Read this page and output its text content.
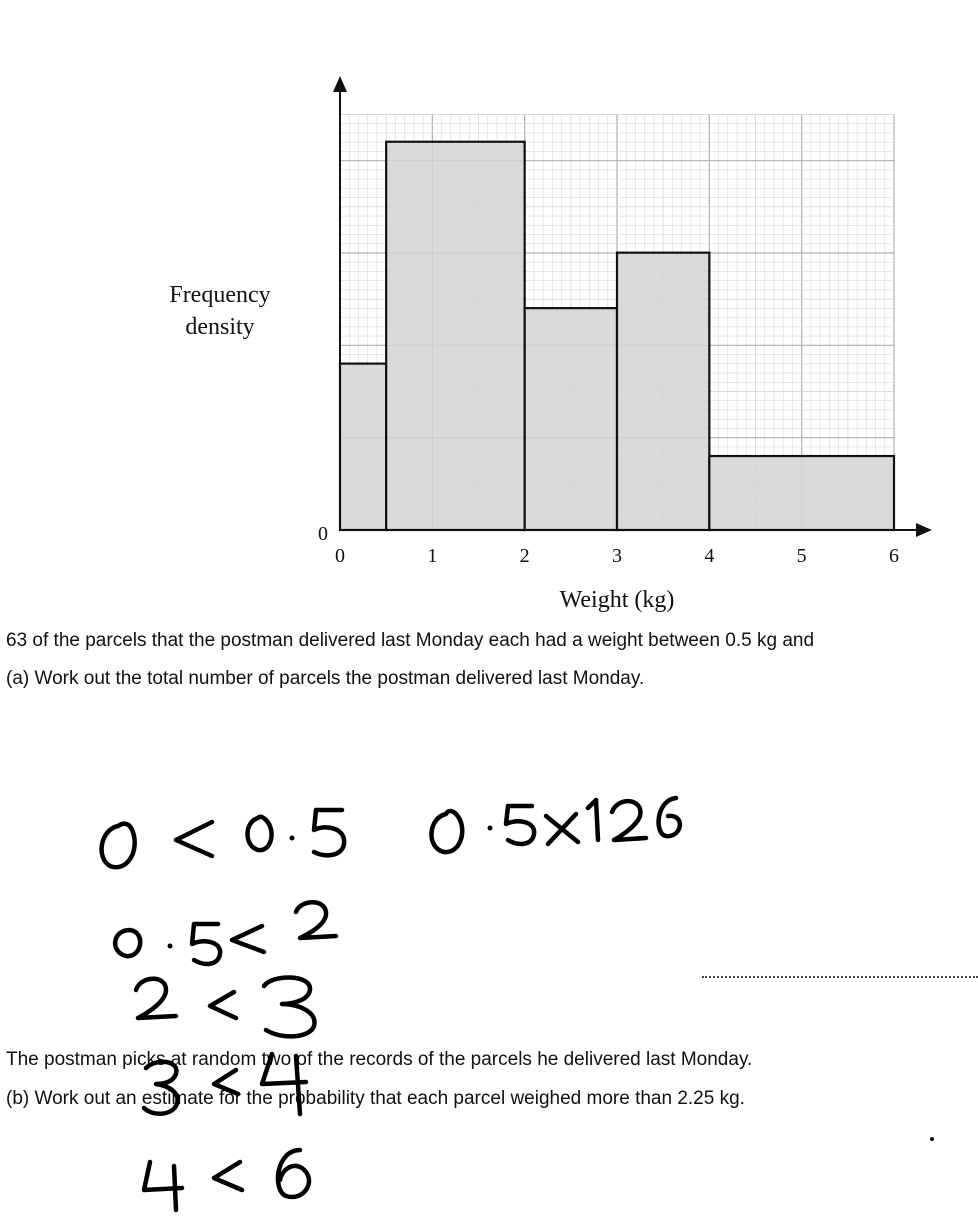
0	1	2	3	4	5	6
0
Frequency
density
Weight (kg)
63 of the parcels that the postman delivered last Monday each had a weight between 0.5 kg and
(a) Work out the total number of parcels the postman delivered last Monday.
The postman picks at random two of the records of the parcels he delivered last Monday.
(b) Work out an estimate for the probability that each parcel weighed more than 2.25 kg.
